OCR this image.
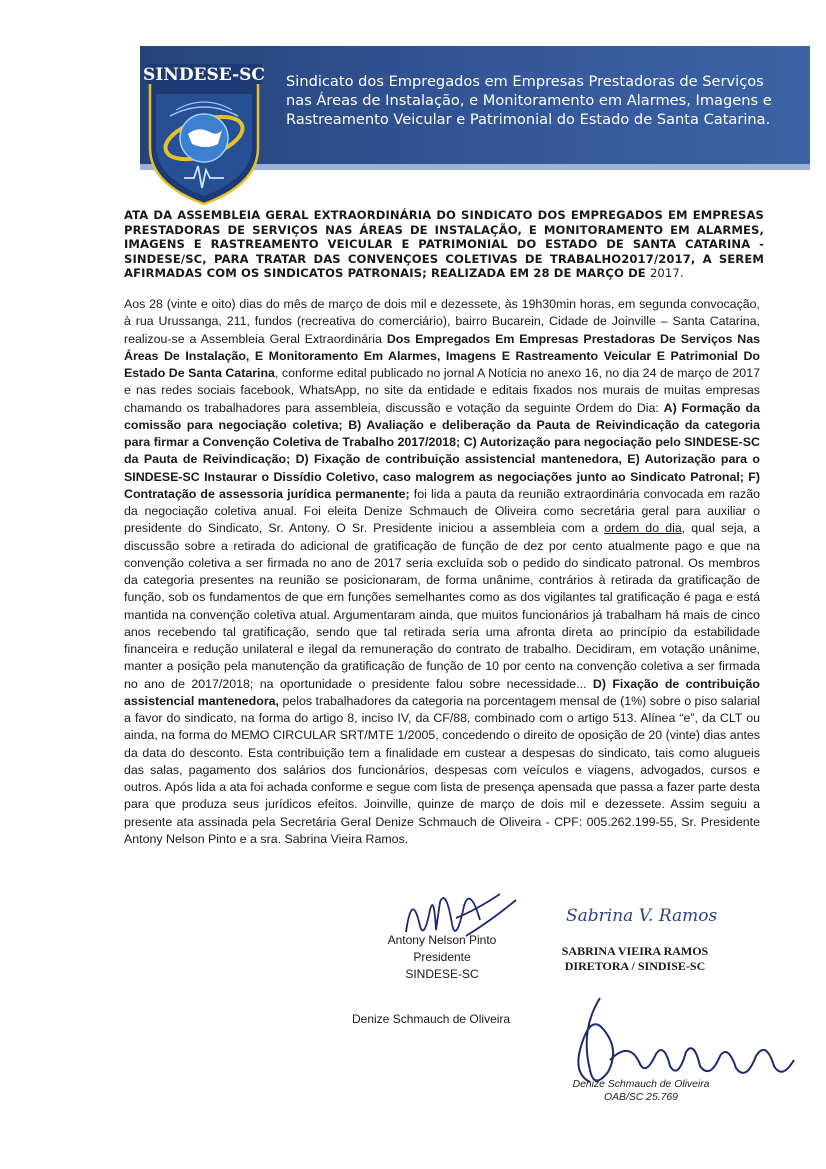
SINDESE-SC Sindicato dos Empregados em Empresas Prestadoras de Serviços
nas Áreas de Instalação, e Monitoramento em Alarmes, Imagens e
Rastreamento Veicular e Patrimonial do Estado de Santa Catarina.
ATA DA ASSEMBLEIA GERAL EXTRAORDINÁRIA DO SINDICATO DOS EMPREGADOS EM EMPRESAS PRESTADORAS DE SERVIÇOS NAS ÁREAS DE INSTALAÇÃO, E MONITORAMENTO EM ALARMES, IMAGENS E RASTREAMENTO VEICULAR E PATRIMONIAL DO ESTADO DE SANTA CATARINA - SINDESE/SC, PARA TRATAR DAS CONVENÇOES COLETIVAS DE TRABALHO2017/2017, A SEREM AFIRMADAS COM OS SINDICATOS PATRONAIS; REALIZADA EM 28 DE MARÇO DE 2017.
Aos 28 (vinte e oito) dias do mês de março de dois mil e dezessete, às 19h30min horas, em segunda convocação, à rua Urussanga, 211, fundos (recreativa do comerciário), bairro Bucarein, Cidade de Joinville – Santa Catarina, realizou-se a Assembleia Geral Extraordinária Dos Empregados Em Empresas Prestadoras De Serviços Nas Áreas De Instalação, E Monitoramento Em Alarmes, Imagens E Rastreamento Veicular E Patrimonial Do Estado De Santa Catarina, conforme edital publicado no jornal A Notícia no anexo 16, no dia 24 de março de 2017 e nas redes sociais facebook, WhatsApp, no site da entidade e editais fixados nos murais de muitas empresas chamando os trabalhadores para assembleia, discussão e votação da seguinte Ordem do Dia: A) Formação da comissão para negociação coletiva; B) Avaliação e deliberação da Pauta de Reivindicação da categoria para firmar a Convenção Coletiva de Trabalho 2017/2018; C) Autorização para negociação pelo SINDESE-SC da Pauta de Reivindicação; D) Fixação de contribuição assistencial mantenedora, E) Autorização para o SINDESE-SC Instaurar o Dissídio Coletivo, caso malogrem as negociações junto ao Sindicato Patronal; F) Contratação de assessoria jurídica permanente; foi lida a pauta da reunião extraordinária convocada em razão da negociação coletiva anual. Foi eleita Denize Schmauch de Oliveira como secretária geral para auxiliar o presidente do Sindicato, Sr. Antony. O Sr. Presidente iniciou a assembleia com a ordem do dia, qual seja, a discussão sobre a retirada do adicional de gratificação de função de dez por cento atualmente pago e que na convenção coletiva a ser firmada no ano de 2017 seria excluída sob o pedido do sindicato patronal. Os membros da categoria presentes na reunião se posicionaram, de forma unânime, contrários à retirada da gratificação de função, sob os fundamentos de que em funções semelhantes como as dos vigilantes tal gratificação é paga e está mantida na convenção coletiva atual. Argumentaram ainda, que muitos funcionários já trabalham há mais de cinco anos recebendo tal gratificação, sendo que tal retirada seria uma afronta direta ao princípio da estabilidade financeira e redução unilateral e ilegal da remuneração do contrato de trabalho. Decidiram, em votação unânime, manter a posição pela manutenção da gratificação de função de 10 por cento na convenção coletiva a ser firmada no ano de 2017/2018; na oportunidade o presidente falou sobre necessidade... D) Fixação de contribuição assistencial mantenedora, pelos trabalhadores da categoria na porcentagem mensal de (1%) sobre o piso salarial a favor do sindicato, na forma do artigo 8, inciso IV, da CF/88, combinado com o artigo 513. Alínea “e”, da CLT ou ainda, na forma do MEMO CIRCULAR SRT/MTE 1/2005, concedendo o direito de oposição de 20 (vinte) dias antes da data do desconto. Esta contribuição tem a finalidade em custear a despesas do sindicato, tais como alugueis das salas, pagamento dos salários dos funcionários, despesas com veículos e viagens, advogados, cursos e outros. Após lida a ata foi achada conforme e segue com lista de presença apensada que passa a fazer parte desta para que produza seus jurídicos efeitos. Joinville, quinze de março de dois mil e dezessete. Assim seguiu a presente ata assinada pela Secretária Geral Denize Schmauch de Oliveira - CPF: 005.262.199-55, Sr. Presidente Antony Nelson Pinto e a sra. Sabrina Vieira Ramos.
Sabrina V. Ramos
Antony Nelson Pinto
Presidente
SINDESE-SC
SABRINA VIEIRA RAMOS
DIRETORA / SINDISE-SC
Denize Schmauch de Oliveira
Denize Schmauch de Oliveira
OAB/SC 25.769
